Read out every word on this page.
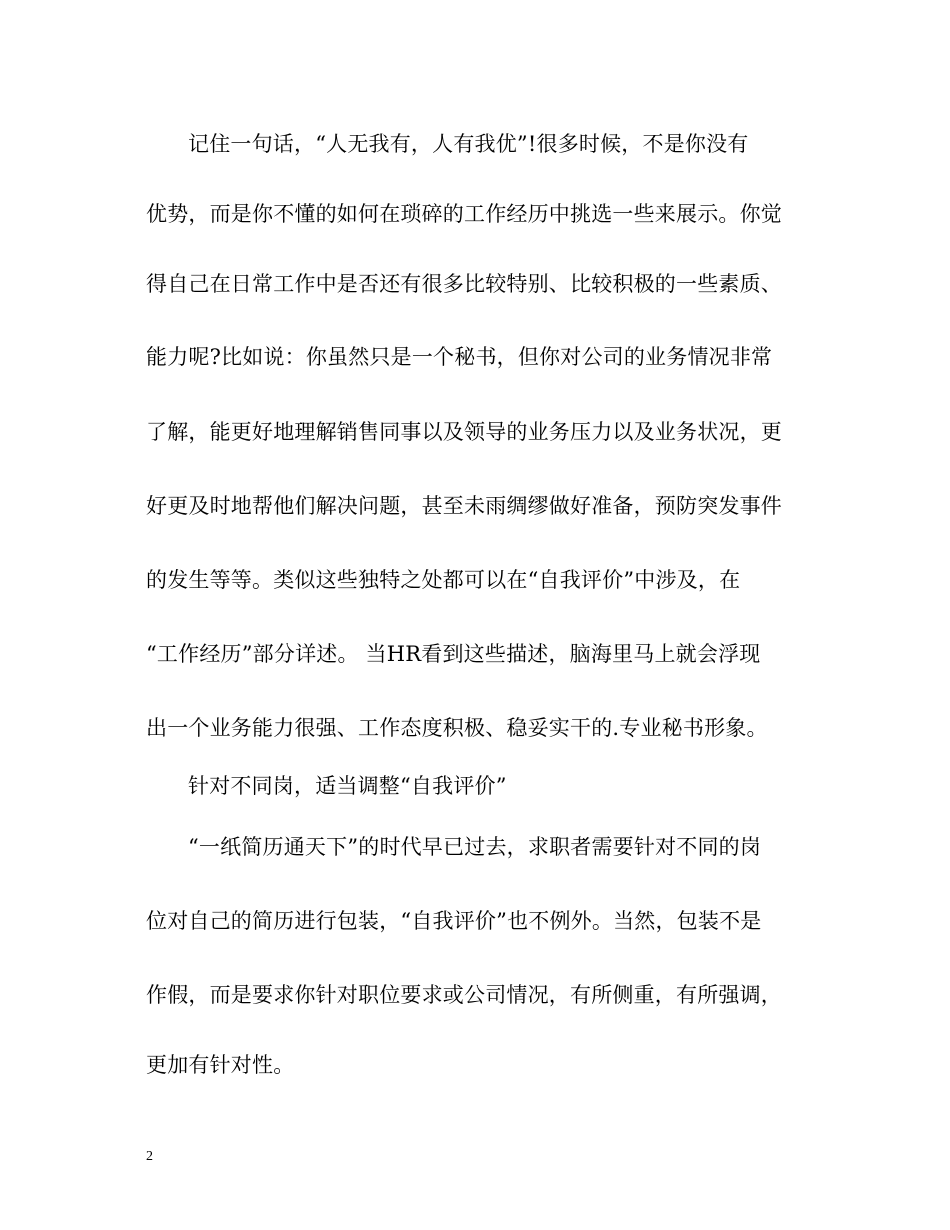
记住一句话，“人无我有，人有我优”!很多时候，不是你没有
优势，而是你不懂的如何在琐碎的工作经历中挑选一些来展示。你觉
得自己在日常工作中是否还有很多比较特别、比较积极的一些素质、
能力呢?比如说：你虽然只是一个秘书，但你对公司的业务情况非常
了解，能更好地理解销售同事以及领导的业务压力以及业务状况，更
好更及时地帮他们解决问题，甚至未雨绸缪做好准备，预防突发事件
的发生等等。类似这些独特之处都可以在“自我评价”中涉及，在
“工作经历”部分详述。 当HR看到这些描述，脑海里马上就会浮现
出一个业务能力很强、工作态度积极、稳妥实干的.专业秘书形象。
针对不同岗，适当调整“自我评价”
“一纸简历通天下”的时代早已过去，求职者需要针对不同的岗
位对自己的简历进行包装，“自我评价”也不例外。当然，包装不是
作假，而是要求你针对职位要求或公司情况，有所侧重，有所强调，
更加有针对性。
2
